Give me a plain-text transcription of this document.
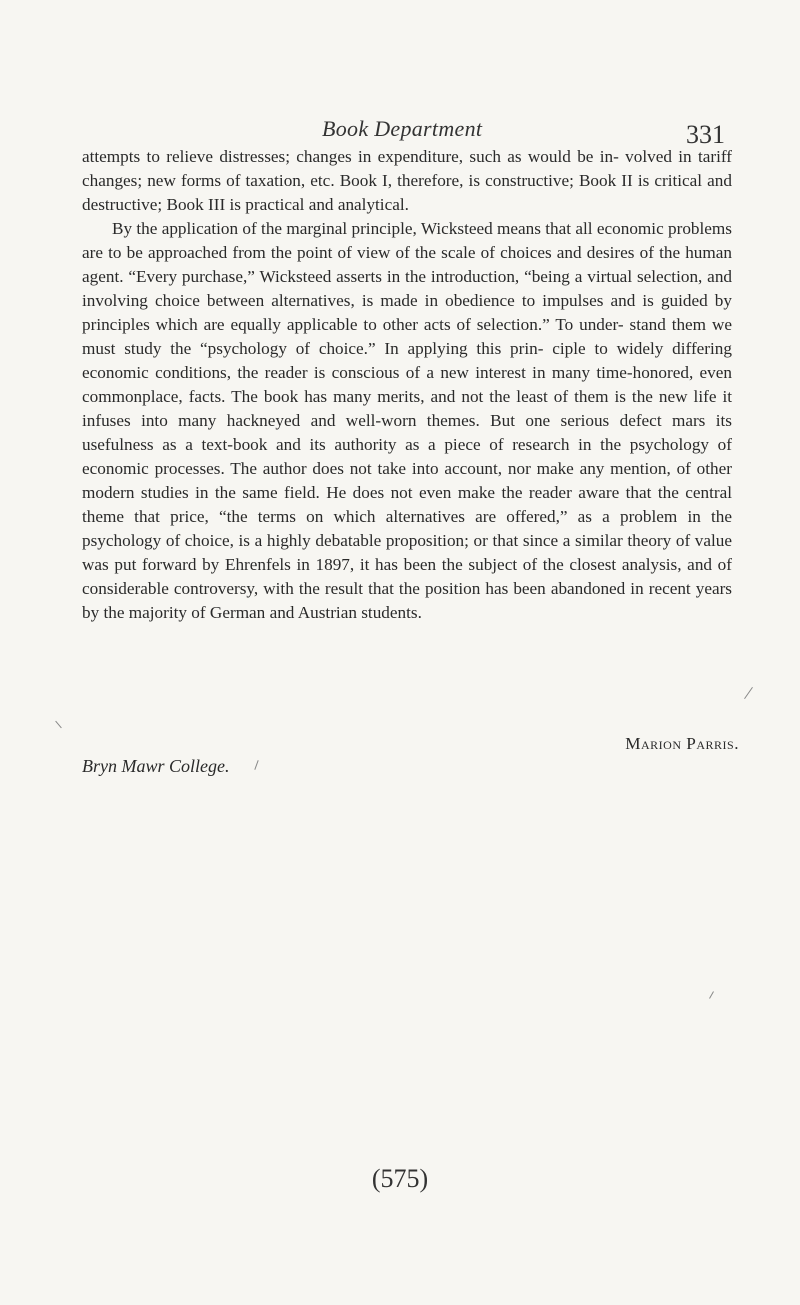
Book Department	331

attempts to relieve distresses; changes in expenditure, such as would be in- volved in tariff changes; new forms of taxation, etc. Book I, therefore, is constructive; Book II is critical and destructive; Book III is practical and analytical.

By the application of the marginal principle, Wicksteed means that all economic problems are to be approached from the point of view of the scale of choices and desires of the human agent. “Every purchase,” Wicksteed asserts in the introduction, “being a virtual selection, and involving choice between alternatives, is made in obedience to impulses and is guided by principles which are equally applicable to other acts of selection.” To under- stand them we must study the “psychology of choice.” In applying this prin- ciple to widely differing economic conditions, the reader is conscious of a new interest in many time-honored, even commonplace, facts. The book has many merits, and not the least of them is the new life it infuses into many hackneyed and well-worn themes. But one serious defect mars its usefulness as a text-book and its authority as a piece of research in the psychology of economic processes. The author does not take into account, nor make any mention, of other modern studies in the same field. He does not even make the reader aware that the central theme that price, “the terms on which alternatives are offered,” as a problem in the psychology of choice, is a highly debatable proposition; or that since a similar theory of value was put forward by Ehrenfels in 1897, it has been the subject of the closest analysis, and of considerable controversy, with the result that the position has been abandoned in recent years by the majority of German and Austrian students.

Marion Parris.
Bryn Mawr College.
(575)
